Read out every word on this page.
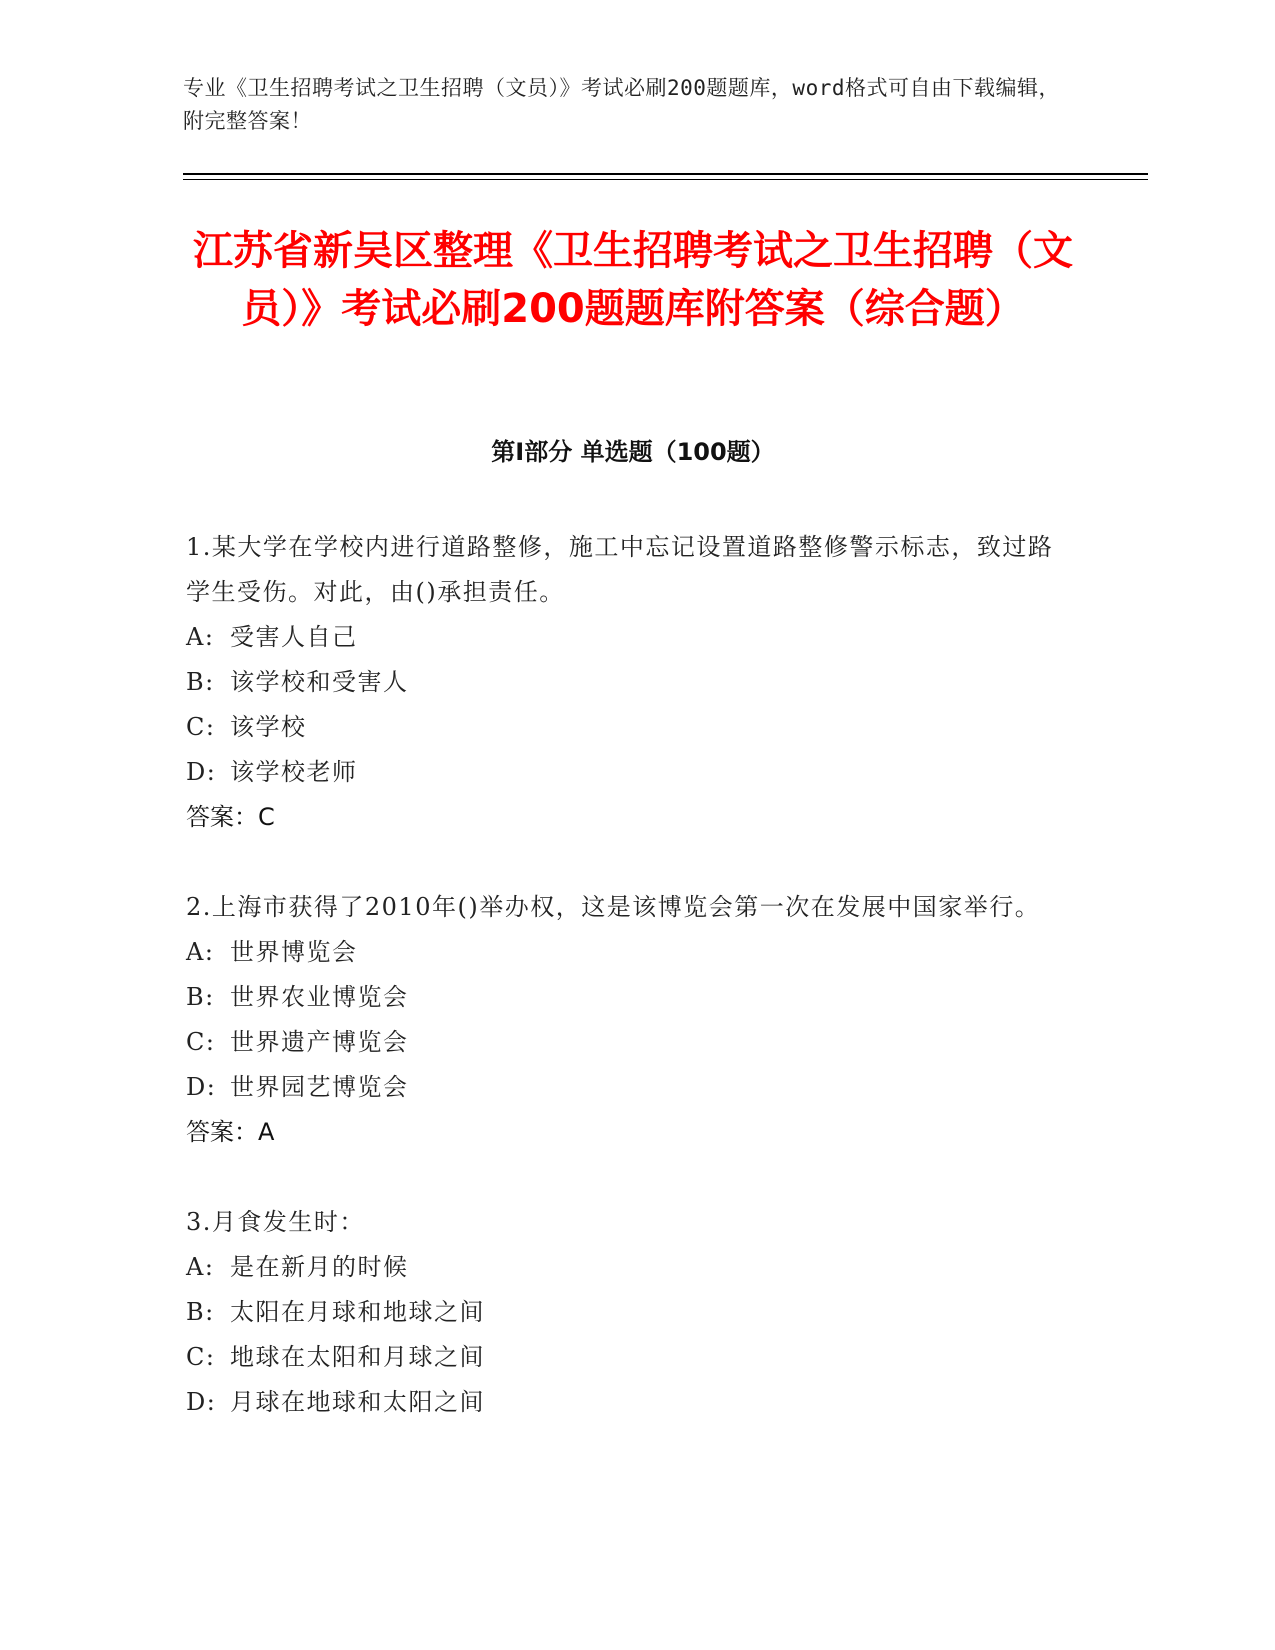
专业《卫生招聘考试之卫生招聘（文员）》考试必刷200题题库，word格式可自由下载编辑，附完整答案！
江苏省新吴区整理《卫生招聘考试之卫生招聘（文员）》考试必刷200题题库附答案（综合题）
第Ⅰ部分 单选题（100题）
1.某大学在学校内进行道路整修，施工中忘记设置道路整修警示标志，致过路学生受伤。对此，由()承担责任。
A: 受害人自己
B: 该学校和受害人
C: 该学校
D: 该学校老师
答案：C
2.上海市获得了2010年()举办权，这是该博览会第一次在发展中国家举行。
A: 世界博览会
B: 世界农业博览会
C: 世界遗产博览会
D: 世界园艺博览会
答案：A
3.月食发生时：
A: 是在新月的时候
B: 太阳在月球和地球之间
C: 地球在太阳和月球之间
D: 月球在地球和太阳之间
